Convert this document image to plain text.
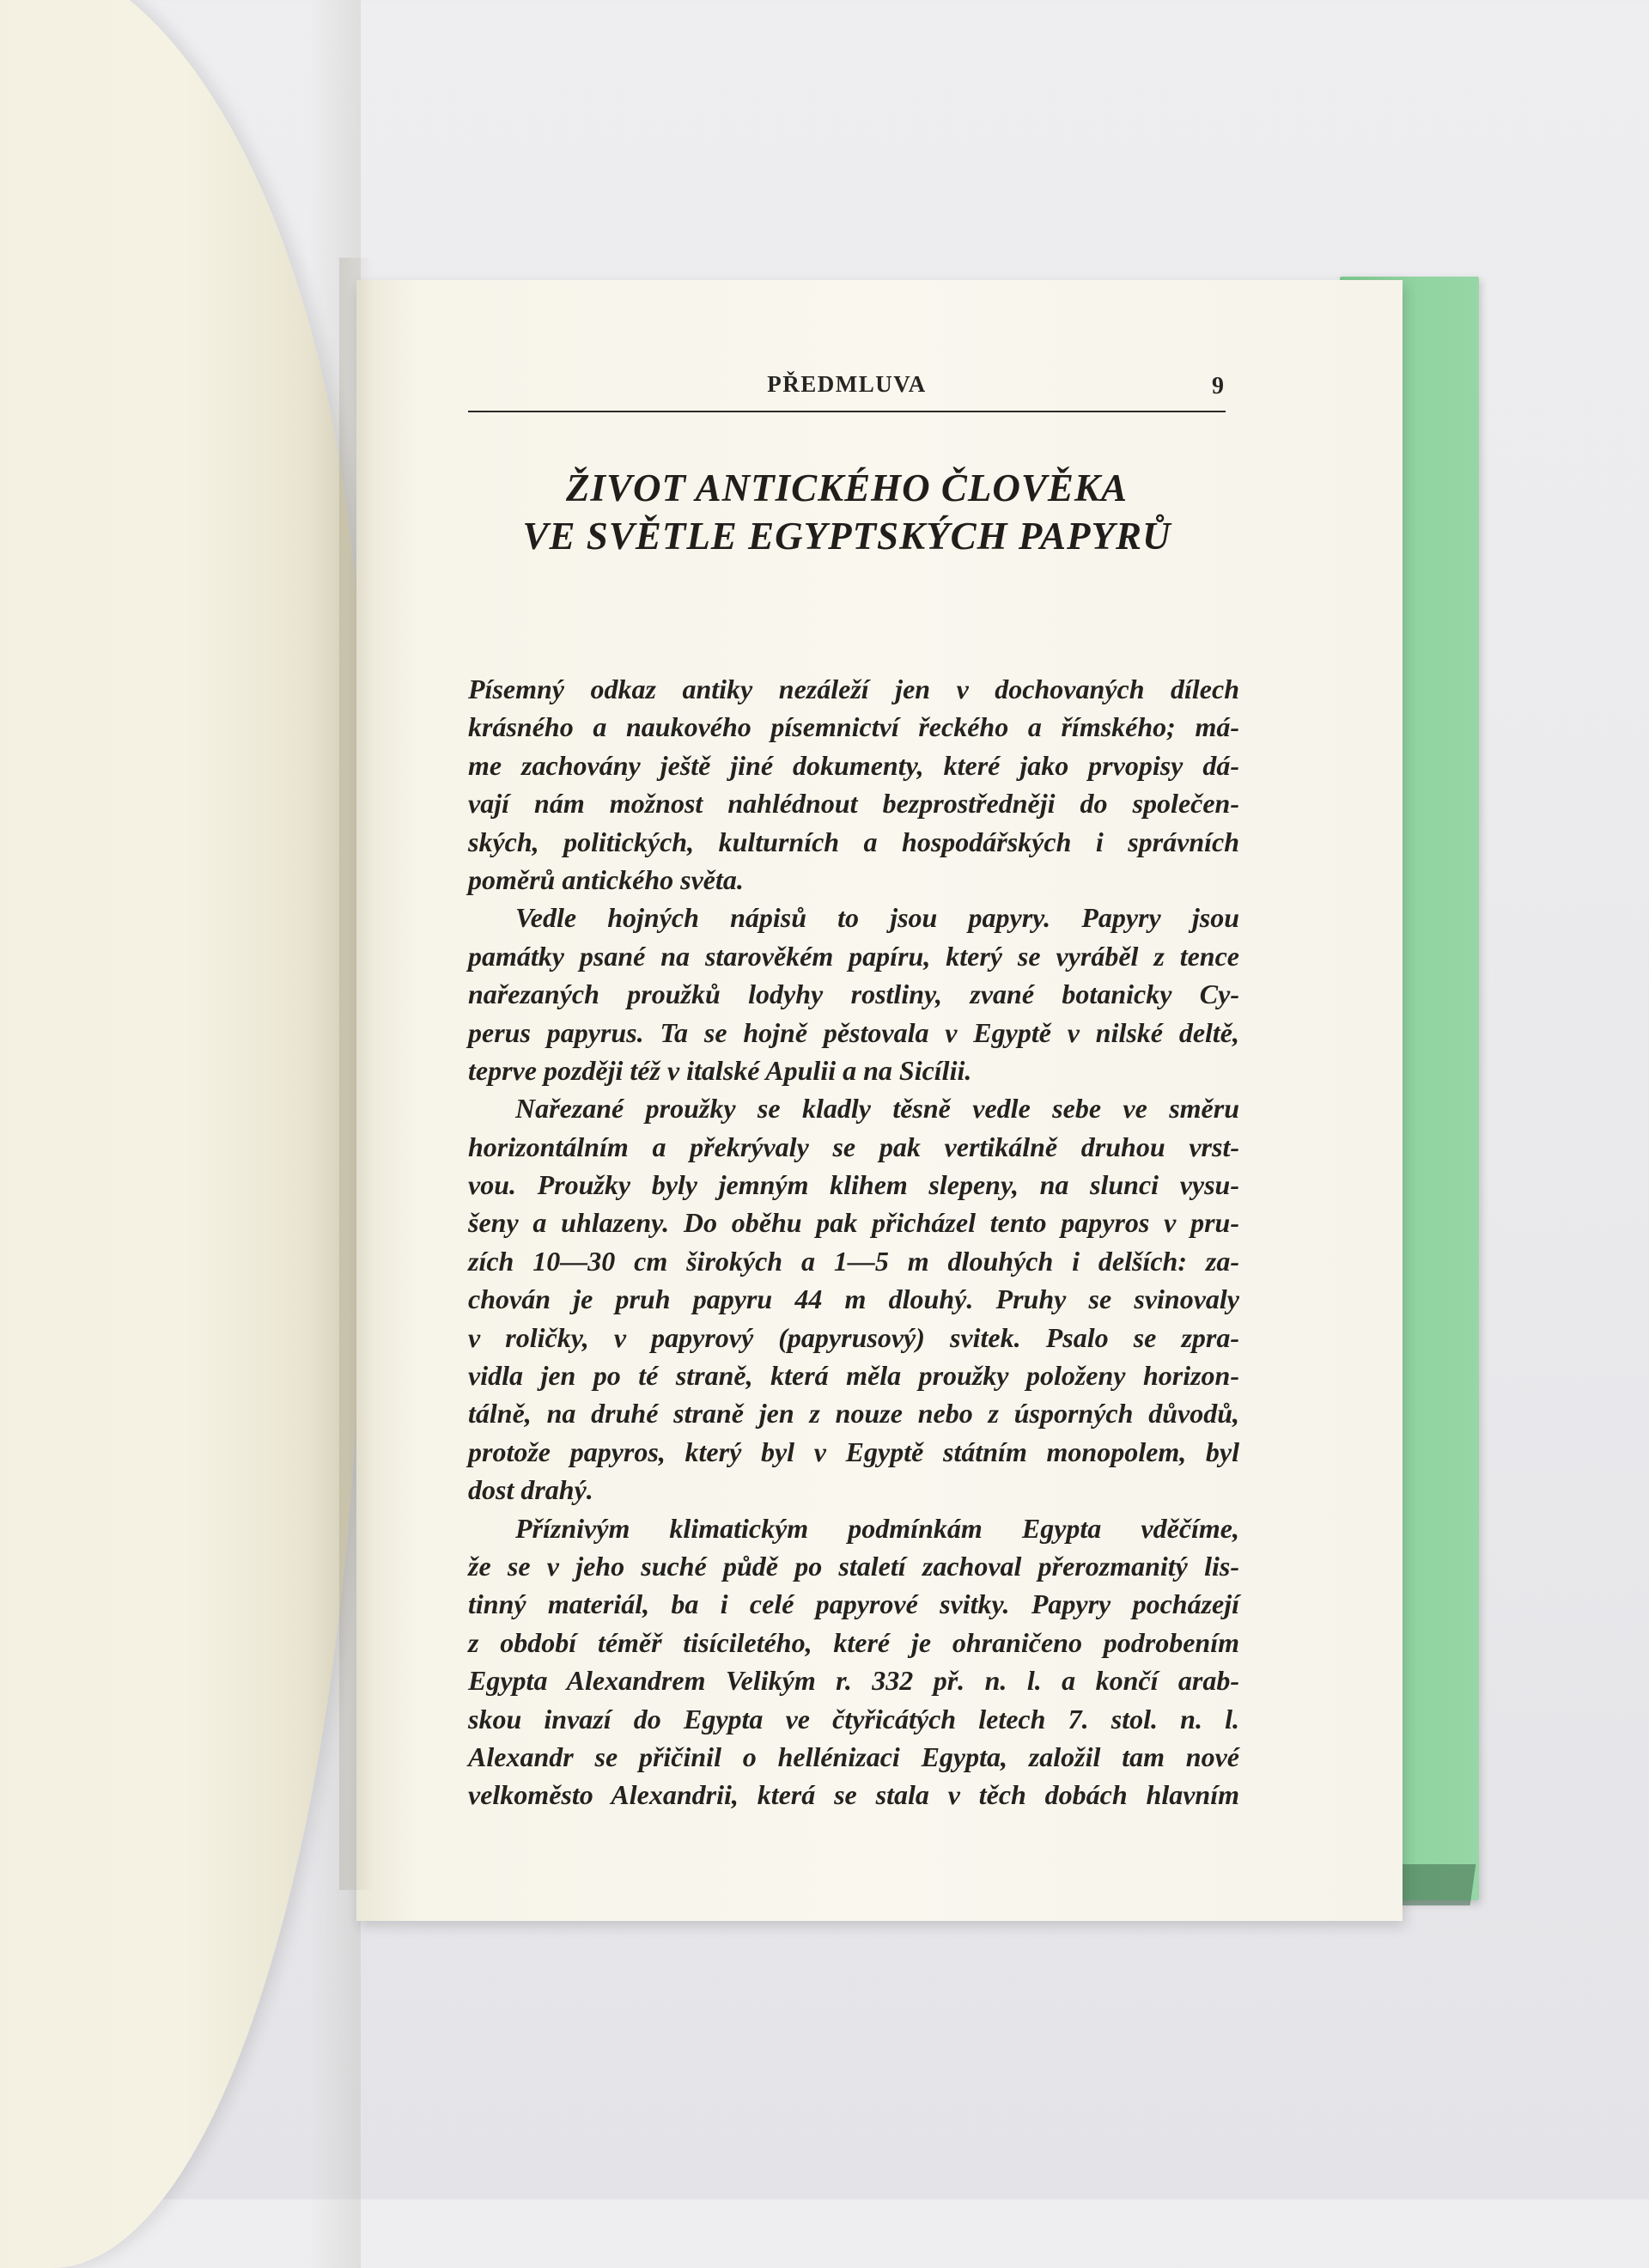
PŘEDMLUVA	9
ŽIVOT ANTICKÉHO ČLOVĚKA
VE SVĚTLE EGYPTSKÝCH PAPYRŮ
Písemný odkaz antiky nezáleží jen v dochovaných dílech
krásného a naukového písemnictví řeckého a římského; má-
me zachovány ještě jiné dokumenty, které jako prvopisy dá-
vají nám možnost nahlédnout bezprostředněji do společen-
ských, politických, kulturních a hospodářských i správních
poměrů antického světa.
Vedle hojných nápisů to jsou papyry. Papyry jsou
památky psané na starověkém papíru, který se vyráběl z tence
nařezaných proužků lodyhy rostliny, zvané botanicky Cy-
perus papyrus. Ta se hojně pěstovala v Egyptě v nilské deltě,
teprve později též v italské Apulii a na Sicílii.
Nařezané proužky se kladly těsně vedle sebe ve směru
horizontálním a překrývaly se pak vertikálně druhou vrst-
vou. Proužky byly jemným klihem slepeny, na slunci vysu-
šeny a uhlazeny. Do oběhu pak přicházel tento papyros v pru-
zích 10—30 cm širokých a 1—5 m dlouhých i delších: za-
chován je pruh papyru 44 m dlouhý. Pruhy se svinovaly
v roličky, v papyrový (papyrusový) svitek. Psalo se zpra-
vidla jen po té straně, která měla proužky položeny horizon-
tálně, na druhé straně jen z nouze nebo z úsporných důvodů,
protože papyros, který byl v Egyptě státním monopolem, byl
dost drahý.
Příznivým klimatickým podmínkám Egypta vděčíme,
že se v jeho suché půdě po staletí zachoval přerozmanitý lis-
tinný materiál, ba i celé papyrové svitky. Papyry pocházejí
z období téměř tisíciletého, které je ohraničeno podrobením
Egypta Alexandrem Velikým r. 332 př. n. l. a končí arab-
skou invazí do Egypta ve čtyřicátých letech 7. stol. n. l.
Alexandr se přičinil o hellénizaci Egypta, založil tam nové
velkoměsto Alexandrii, která se stala v těch dobách hlavním
